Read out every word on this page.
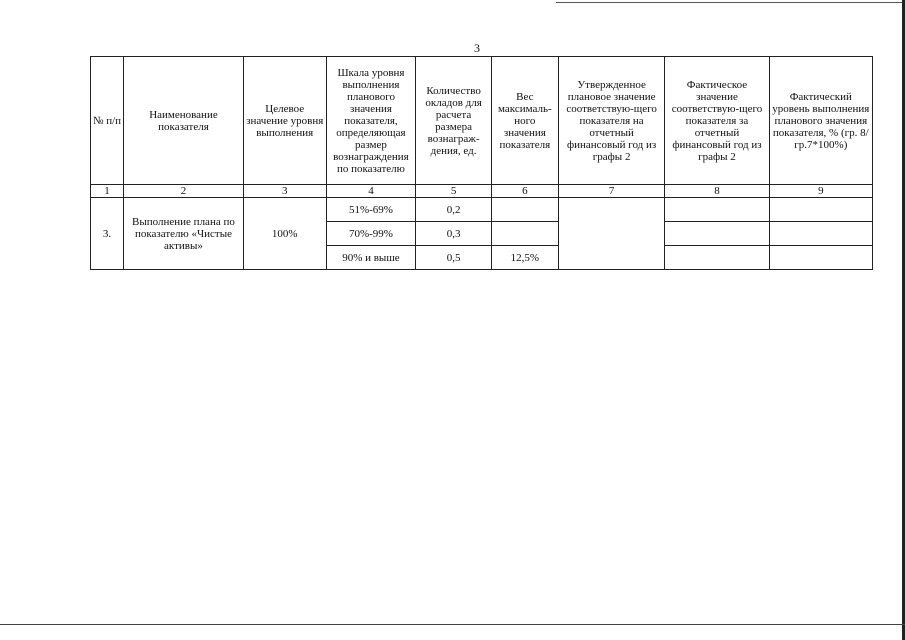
3
№ п/п	Наименование показателя	Целевое значение уровня выполнения	Шкала уровня выполнения планового значения показателя, определяющая размер вознаграждения по показателю	Количество окладов для расчета размера вознаграж-дения, ед.	Вес максималь-ного значения показателя	Утвержденное плановое значение соответствую-щего показателя на отчетный финансовый год из графы 2	Фактическое значение соответствую-щего показателя за отчетный финансовый год из графы 2	Фактический уровень выполнения планового значения показателя, % (гр. 8/гр.7*100%)
1	2	3	4	5	6	7	8	9
3.	Выполнение плана по показателю «Чистые активы»	100%	51%-69%	0,2				
			70%-99%	0,3				
			90% и выше	0,5	12,5%			
